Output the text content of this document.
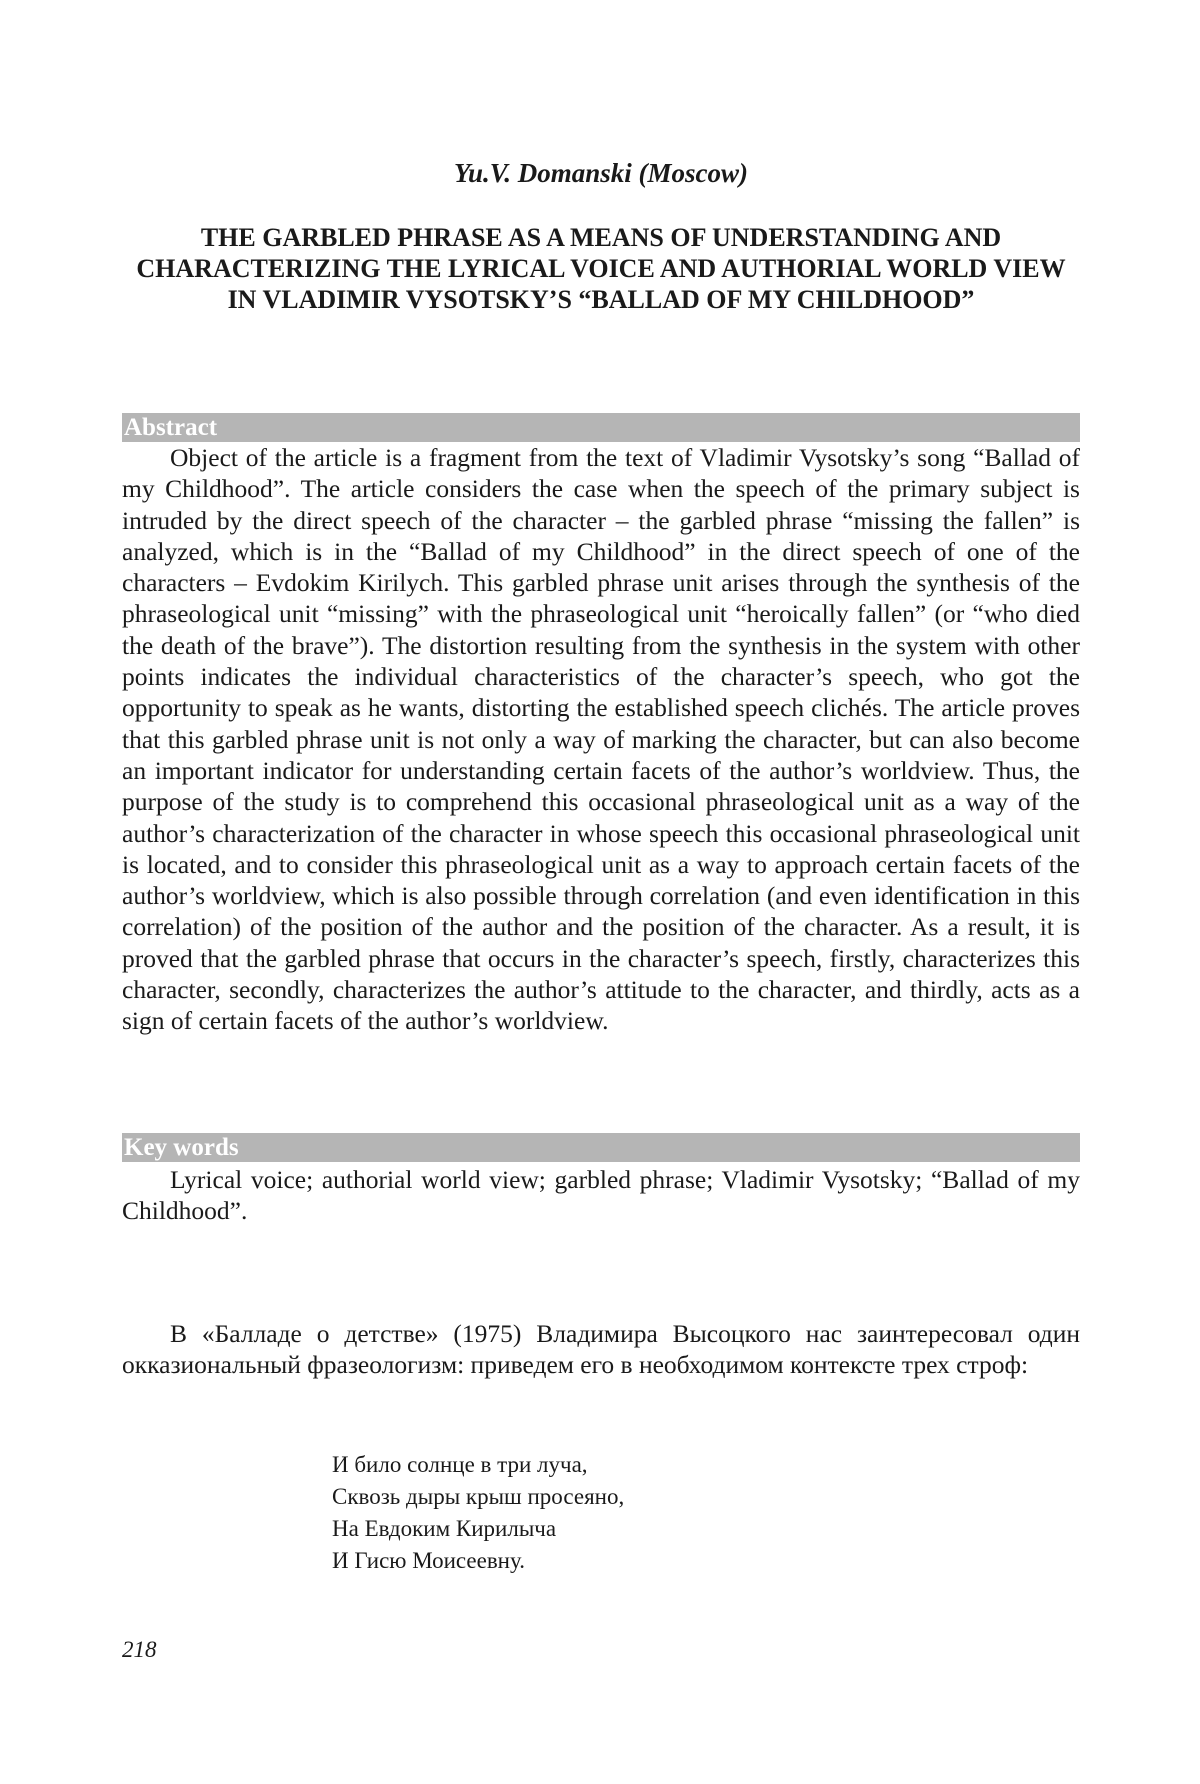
Yu.V. Domanski (Moscow)
THE GARBLED PHRASE AS A MEANS OF UNDERSTANDING AND CHARACTERIZING THE LYRICAL VOICE AND AUTHORIAL WORLD VIEW IN VLADIMIR VYSOTSKY’S “BALLAD OF MY CHILDHOOD”
Abstract

Object of the article is a fragment from the text of Vladimir Vysotsky’s song “Ballad of my Childhood”. The article considers the case when the speech of the primary subject is intruded by the direct speech of the character – the garbled phrase “missing the fallen” is analyzed, which is in the “Ballad of my Childhood” in the direct speech of one of the characters – Evdokim Kirilych. This garbled phrase unit arises through the synthesis of the phraseological unit “missing” with the phraseological unit “heroically fallen” (or “who died the death of the brave”). The distortion resulting from the synthesis in the system with other points indicates the individual characteristics of the character’s speech, who got the opportunity to speak as he wants, distorting the established speech clichés. The article proves that this garbled phrase unit is not only a way of marking the character, but can also become an important indicator for understanding certain facets of the author’s worldview. Thus, the purpose of the study is to comprehend this occasional phraseological unit as a way of the author’s characterization of the character in whose speech this occasional phraseological unit is located, and to consider this phraseological unit as a way to approach certain facets of the author’s worldview, which is also possible through correlation (and even identification in this correlation) of the position of the author and the position of the character. As a result, it is proved that the garbled phrase that occurs in the character’s speech, firstly, characterizes this character, secondly, characterizes the author’s attitude to the character, and thirdly, acts as a sign of certain facets of the author’s worldview.

Key words

Lyrical voice; authorial world view; garbled phrase; Vladimir Vysotsky; “Ballad of my Childhood”.

В «Балладе о детстве» (1975) Владимира Высоцкого нас заинтересовал один окказиональный фразеологизм: приведем его в необходимом контексте трех строф:

И било солнце в три луча,
Сквозь дыры крыш просеяно,
На Евдоким Кирилыча
И Гисю Моисеевну.
218
